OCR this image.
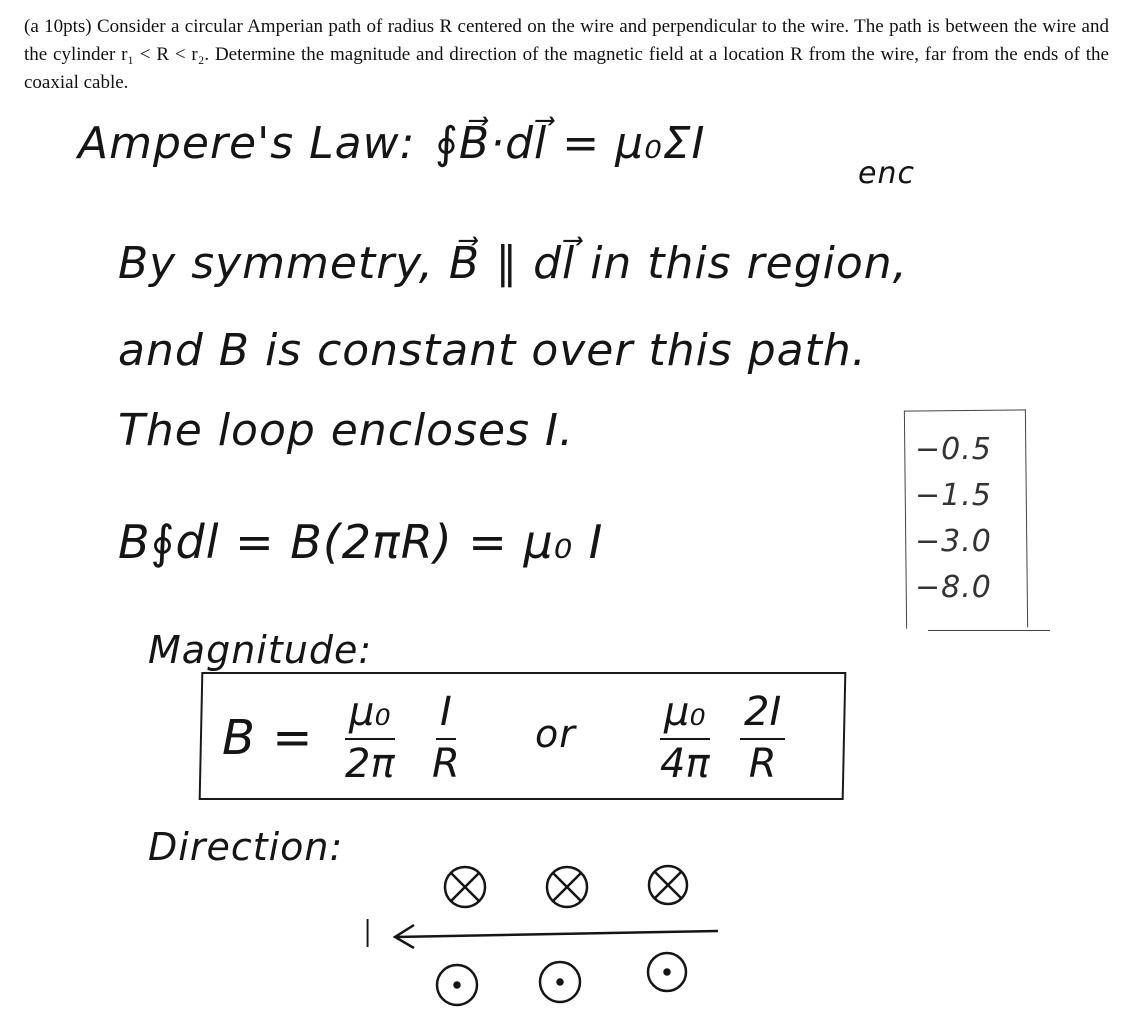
(a 10pts) Consider a circular Amperian path of radius R centered on the wire and perpendicular to the wire. The path is between the wire and the cylinder r₁ < R < r₂. Determine the magnitude and direction of the magnetic field at a location R from the wire, far from the ends of the coaxial cable.

Ampere's Law: ∮B⃗·dl⃗ = μ₀ΣI
enc
By symmetry, B⃗ ∥ dl⃗ in this region,
and B is constant over this path.
The loop encloses I.
B∮dl = B(2πR) = μ₀ I
Magnitude:
$B = \frac{\text{μ₀}}{2\pi} \frac{I}{R}$ or $\frac{\text{μ₀}}{4\pi} \frac{2I}{R}$
Direction:
I
−0.5
−1.5
−3.0
−8.0
